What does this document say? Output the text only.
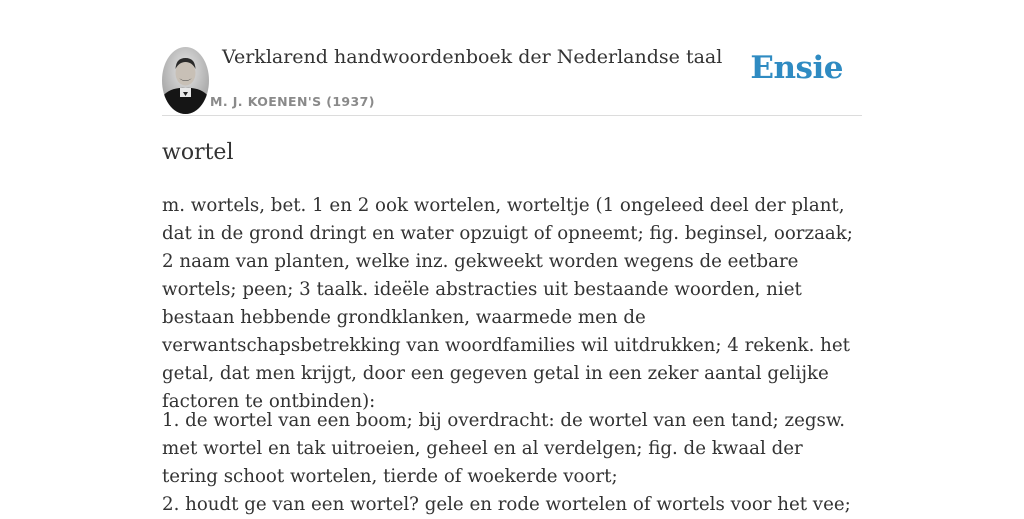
Verklarend handwoordenboek der Nederlandse taal
M. J. KOENEN'S (1937)
Ensie
wortel

m. wortels, bet. 1 en 2 ook wortelen, worteltje (1 ongeleed deel der plant, dat in de grond dringt en water opzuigt of opneemt; fig. beginsel, oorzaak; 2 naam van planten, welke inz. gekweekt worden wegens de eetbare wortels; peen; 3 taalk. ideële abstracties uit bestaande woorden, niet bestaan hebbende grondklanken, waarmede men de verwantschapsbetrekking van woordfamilies wil uitdrukken; 4 rekenk. het getal, dat men krijgt, door een gegeven getal in een zeker aantal gelijke factoren te ontbinden):

1. de wortel van een boom; bij overdracht: de wortel van een tand; zegsw. met wortel en tak uitroeien, geheel en al verdelgen; fig. de kwaal der tering schoot wortelen, tierde of woekerde voort;
2. houdt ge van een wortel? gele en rode wortelen of wortels voor het vee;
